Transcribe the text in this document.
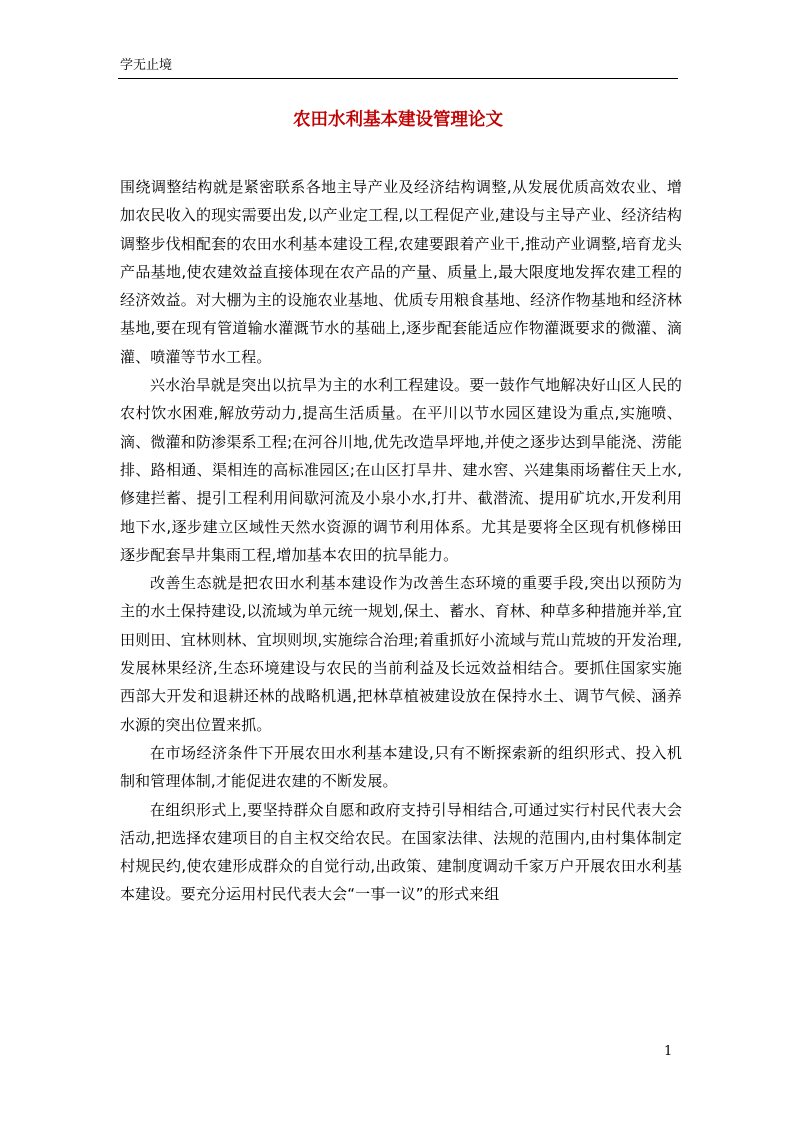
学无止境
农田水利基本建设管理论文

围绕调整结构就是紧密联系各地主导产业及经济结构调整,从发展优质高效农业、增加农民收入的现实需要出发,以产业定工程,以工程促产业,建设与主导产业、经济结构调整步伐相配套的农田水利基本建设工程,农建要跟着产业干,推动产业调整,培育龙头产品基地,使农建效益直接体现在农产品的产量、质量上,最大限度地发挥农建工程的经济效益。对大棚为主的设施农业基地、优质专用粮食基地、经济作物基地和经济林基地,要在现有管道输水灌溉节水的基础上,逐步配套能适应作物灌溉要求的微灌、滴灌、喷灌等节水工程。

兴水治旱就是突出以抗旱为主的水利工程建设。要一鼓作气地解决好山区人民的农村饮水困难,解放劳动力,提高生活质量。在平川以节水园区建设为重点,实施喷、滴、微灌和防渗渠系工程;在河谷川地,优先改造旱坪地,并使之逐步达到旱能浇、涝能排、路相通、渠相连的高标准园区;在山区打旱井、建水窖、兴建集雨场蓄住天上水,修建拦蓄、提引工程利用间歇河流及小泉小水,打井、截潜流、提用矿坑水,开发利用地下水,逐步建立区域性天然水资源的调节利用体系。尤其是要将全区现有机修梯田逐步配套旱井集雨工程,增加基本农田的抗旱能力。

改善生态就是把农田水利基本建设作为改善生态环境的重要手段,突出以预防为主的水土保持建设,以流域为单元统一规划,保土、蓄水、育林、种草多种措施并举,宜田则田、宜林则林、宜坝则坝,实施综合治理;着重抓好小流域与荒山荒坡的开发治理,发展林果经济,生态环境建设与农民的当前利益及长远效益相结合。要抓住国家实施西部大开发和退耕还林的战略机遇,把林草植被建设放在保持水土、调节气候、涵养水源的突出位置来抓。

在市场经济条件下开展农田水利基本建设,只有不断探索新的组织形式、投入机制和管理体制,才能促进农建的不断发展。

在组织形式上,要坚持群众自愿和政府支持引导相结合,可通过实行村民代表大会活动,把选择农建项目的自主权交给农民。在国家法律、法规的范围内,由村集体制定村规民约,使农建形成群众的自觉行动,出政策、建制度调动千家万户开展农田水利基本建设。要充分运用村民代表大会“一事一议”的形式来组

1
